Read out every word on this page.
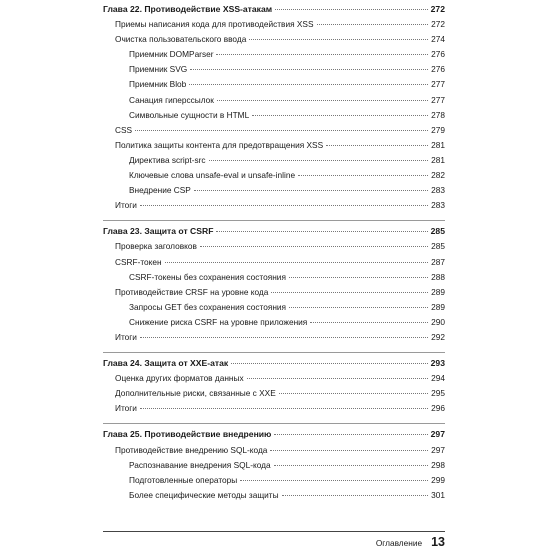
Глава 22. Противодействие XSS-атакам	272
Приемы написания кода для противодействия XSS	272
Очистка пользовательского ввода	274
Приемник DOMParser	276
Приемник SVG	276
Приемник Blob	277
Санация гиперссылок	277
Символьные сущности в HTML	278
CSS	279
Политика защиты контента для предотвращения XSS	281
Директива script-src	281
Ключевые слова unsafe-eval и unsafe-inline	282
Внедрение CSP	283
Итоги	283
Глава 23. Защита от CSRF	285
Проверка заголовков	285
CSRF-токен	287
CSRF-токены без сохранения состояния	288
Противодействие CRSF на уровне кода	289
Запросы GET без сохранения состояния	289
Снижение риска CSRF на уровне приложения	290
Итоги	292
Глава 24. Защита от XXE-атак	293
Оценка других форматов данных	294
Дополнительные риски, связанные с XXE	295
Итоги	296
Глава 25. Противодействие внедрению	297
Противодействие внедрению SQL-кода	297
Распознавание внедрения SQL-кода	298
Подготовленные операторы	299
Более специфические методы защиты	301
Оглавление 13
